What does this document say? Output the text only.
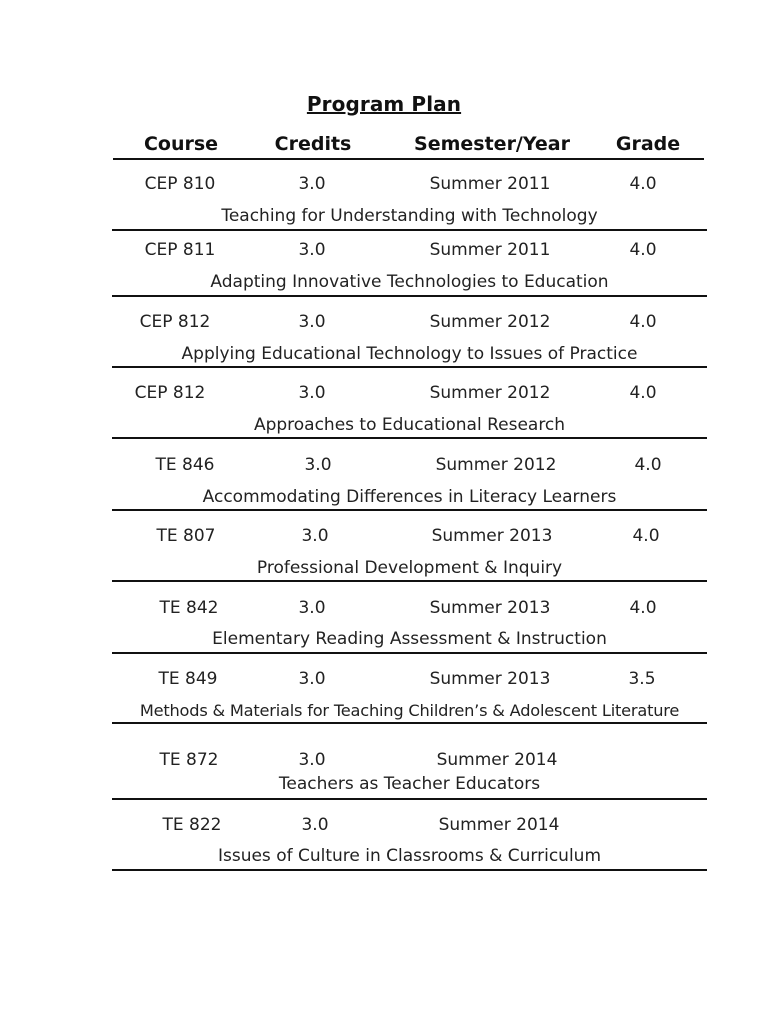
Program Plan
Course	Credits	Semester/Year Grade
CEP 810	3.0	Summer 2011	4.0
Teaching for Understanding with Technology
CEP 811	3.0	Summer 2011	4.0
Adapting Innovative Technologies to Education
CEP 812	3.0	Summer 2012	4.0
Applying Educational Technology to Issues of Practice
CEP 812	3.0	Summer 2012	4.0
Approaches to Educational Research
TE 846	3.0	Summer 2012	4.0
Accommodating Differences in Literacy Learners
TE 807	3.0	Summer 2013	4.0
Professional Development & Inquiry
TE 842	3.0	Summer 2013	4.0
Elementary Reading Assessment & Instruction
TE 849	3.0	Summer 2013	3.5
Methods & Materials for Teaching Children’s & Adolescent Literature
TE 872	3.0	Summer 2014
Teachers as Teacher Educators
TE 822	3.0	Summer 2014
Issues of Culture in Classrooms & Curriculum
